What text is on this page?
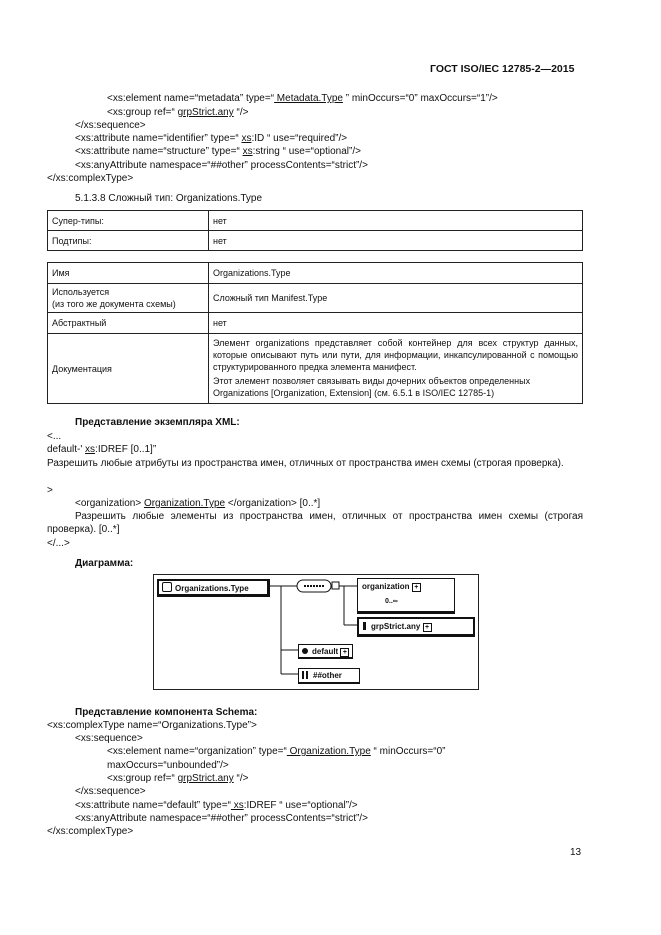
ГОСТ ISO/IEC 12785-2—2015
<xs:element name=“metadata” type=“ Metadata.Type ” minOccurs=“0” maxOccurs=“1”/>
<xs:group ref=“ grpStrict.any “/>
</xs:sequence>
<xs:attribute name=“identifier” type=“ xs:ID “ use=“required”/>
<xs:attribute name=“structure” type=“ xs:string “ use=“optional”/>
<xs:anyAttribute namespace=“##other” processContents=“strict”/>
</xs:complexType>
5.1.3.8 Сложный тип: Organizations.Type
Супер-типы:	нет
Подтипы:	нет
Имя	Organizations.Type

Используется
(из того же документа схемы)	Сложный тип Manifest.Type
Абстрактный	нет
Документация	Элемент organizations представляет собой контейнер для всех структур данных, которые описывают путь или пути, для информации, инкапсулированной с помощью структурированного предка элемента манифест.
Этот элемент позволяет связывать виды дочерних объектов определенных Organizations [Organization, Extension] (см. 6.5.1 в ISO/IEC 12785-1)
Представление экземпляра XML:
<...
default-' xs:IDREF [0..1]”
Разрешить любые атрибуты из пространства имен, отличных от пространства имен схемы (строгая проверка).
>
<organization> Organization.Type </organization> [0..*]
Разрешить любые элементы из пространства имен, отличных от пространства имен схемы (строгая проверка). [0..*]
</...>
Диаграмма:
Organizations.Type	organization +
0..∞
grpStrict.any +
default +
##other
Представление компонента Schema:
<xs:complexType name=“Organizations.Type”>
<xs:sequence>
<xs:element name=“organization” type=“ Organization.Type “ minOccurs=“0”
maxOccurs=“unbounded”/>
<xs:group ref=“ grpStrict.any “/>
</xs:sequence>
<xs:attribute name=“default” type=“ xs:IDREF “ use=“optional”/>
<xs:anyAttribute namespace=“##other” processContents=“strict”/>
</xs:complexType>
13
